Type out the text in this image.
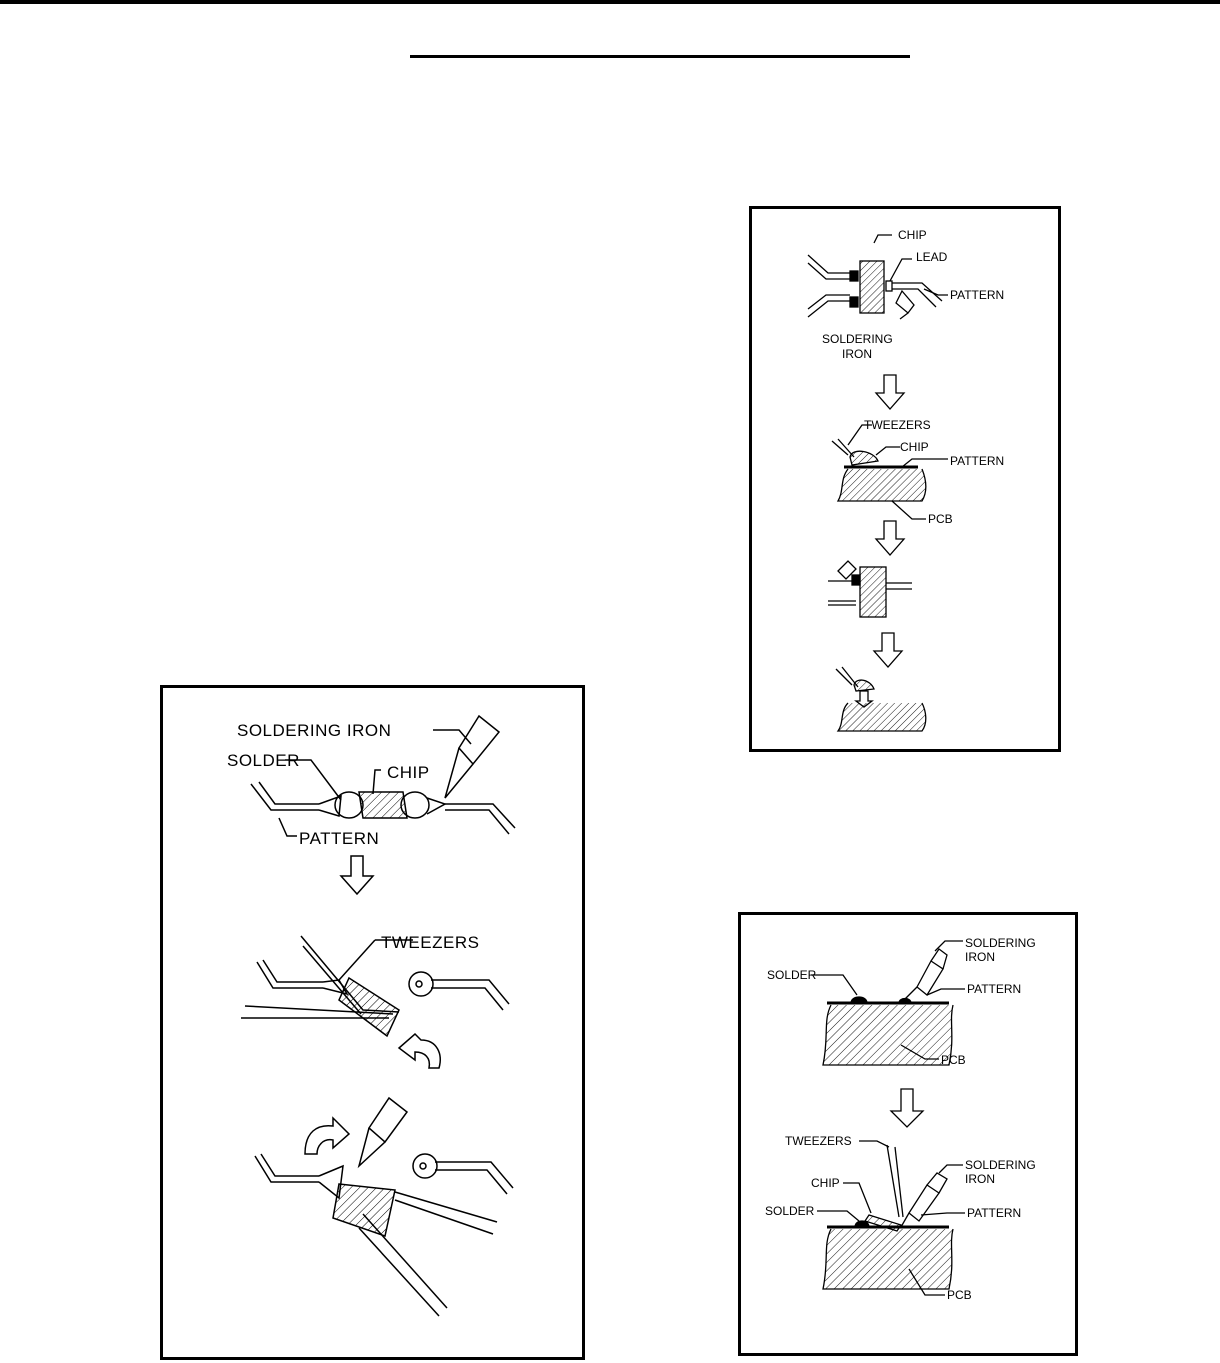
SOLDERING IRON
SOLDER
CHIP
PATTERN
TWEEZERS
CHIP
LEAD
PATTERN
SOLDERING
IRON
TWEEZERS
CHIP
PATTERN
PCB
SOLDERING
IRON
SOLDER
PATTERN
PCB
TWEEZERS
SOLDERING
IRON
CHIP
SOLDER	PATTERN
PCB
